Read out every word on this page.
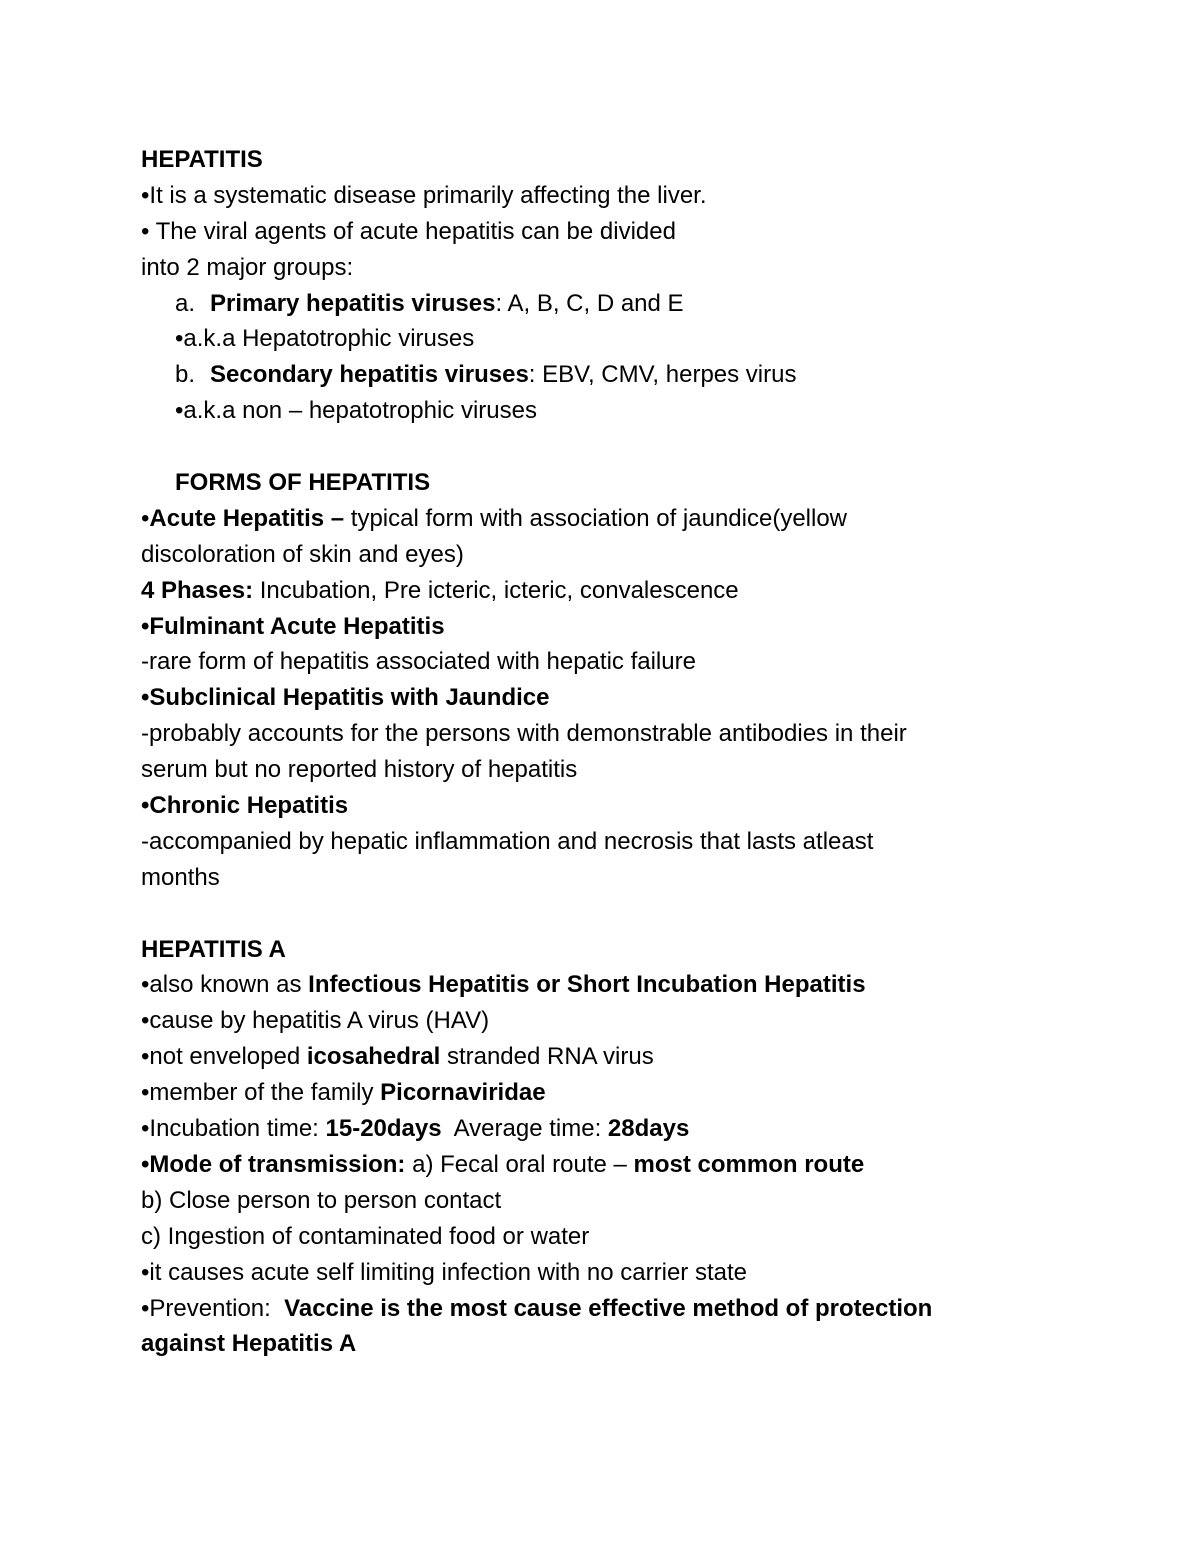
HEPATITIS
•It is a systematic disease primarily affecting the liver.
• The viral agents of acute hepatitis can be divided
into 2 major groups:
a. Primary hepatitis viruses: A, B, C, D and E
•a.k.a Hepatotrophic viruses
b. Secondary hepatitis viruses: EBV, CMV, herpes virus
•a.k.a non – hepatotrophic viruses
FORMS OF HEPATITIS
•Acute Hepatitis – typical form with association of jaundice(yellow
discoloration of skin and eyes)
4 Phases: Incubation, Pre icteric, icteric, convalescence
•Fulminant Acute Hepatitis
-rare form of hepatitis associated with hepatic failure
•Subclinical Hepatitis with Jaundice
-probably accounts for the persons with demonstrable antibodies in their
serum but no reported history of hepatitis
•Chronic Hepatitis
-accompanied by hepatic inflammation and necrosis that lasts atleast
months
HEPATITIS A
•also known as Infectious Hepatitis or Short Incubation Hepatitis
•cause by hepatitis A virus (HAV)
•not enveloped icosahedral stranded RNA virus
•member of the family Picornaviridae
•Incubation time: 15-20days  Average time: 28days
•Mode of transmission: a) Fecal oral route – most common route
b) Close person to person contact
c) Ingestion of contaminated food or water
•it causes acute self limiting infection with no carrier state
•Prevention:  Vaccine is the most cause effective method of protection
against Hepatitis A
